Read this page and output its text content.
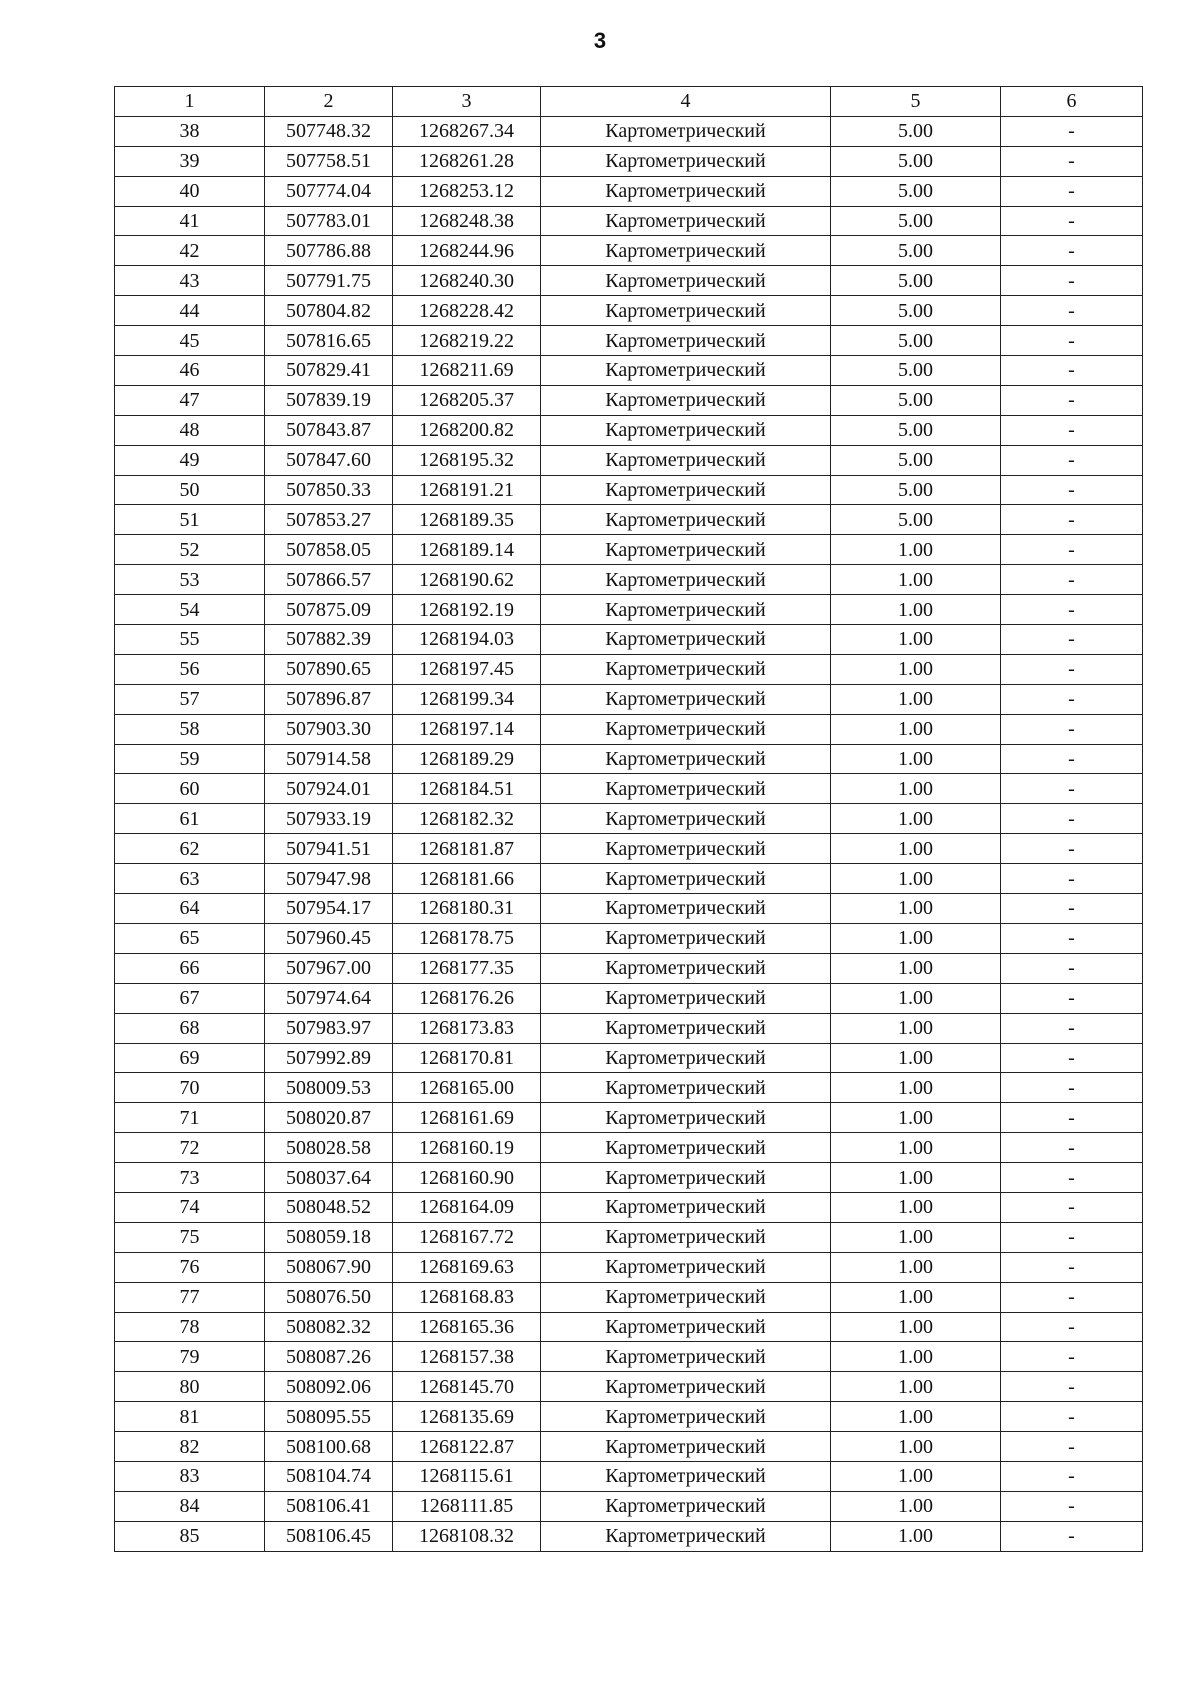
3
1	2	3	4	5	6
38	507748.32	1268267.34	Картометрический	5.00	-
39	507758.51	1268261.28	Картометрический	5.00	-
40	507774.04	1268253.12	Картометрический	5.00	-
41	507783.01	1268248.38	Картометрический	5.00	-
42	507786.88	1268244.96	Картометрический	5.00	-
43	507791.75	1268240.30	Картометрический	5.00	-
44	507804.82	1268228.42	Картометрический	5.00	-
45	507816.65	1268219.22	Картометрический	5.00	-
46	507829.41	1268211.69	Картометрический	5.00	-
47	507839.19	1268205.37	Картометрический	5.00	-
48	507843.87	1268200.82	Картометрический	5.00	-
49	507847.60	1268195.32	Картометрический	5.00	-
50	507850.33	1268191.21	Картометрический	5.00	-
51	507853.27	1268189.35	Картометрический	5.00	-
52	507858.05	1268189.14	Картометрический	1.00	-
53	507866.57	1268190.62	Картометрический	1.00	-
54	507875.09	1268192.19	Картометрический	1.00	-
55	507882.39	1268194.03	Картометрический	1.00	-
56	507890.65	1268197.45	Картометрический	1.00	-
57	507896.87	1268199.34	Картометрический	1.00	-
58	507903.30	1268197.14	Картометрический	1.00	-
59	507914.58	1268189.29	Картометрический	1.00	-
60	507924.01	1268184.51	Картометрический	1.00	-
61	507933.19	1268182.32	Картометрический	1.00	-
62	507941.51	1268181.87	Картометрический	1.00	-
63	507947.98	1268181.66	Картометрический	1.00	-
64	507954.17	1268180.31	Картометрический	1.00	-
65	507960.45	1268178.75	Картометрический	1.00	-
66	507967.00	1268177.35	Картометрический	1.00	-
67	507974.64	1268176.26	Картометрический	1.00	-
68	507983.97	1268173.83	Картометрический	1.00	-
69	507992.89	1268170.81	Картометрический	1.00	-
70	508009.53	1268165.00	Картометрический	1.00	-
71	508020.87	1268161.69	Картометрический	1.00	-
72	508028.58	1268160.19	Картометрический	1.00	-
73	508037.64	1268160.90	Картометрический	1.00	-
74	508048.52	1268164.09	Картометрический	1.00	-
75	508059.18	1268167.72	Картометрический	1.00	-
76	508067.90	1268169.63	Картометрический	1.00	-
77	508076.50	1268168.83	Картометрический	1.00	-
78	508082.32	1268165.36	Картометрический	1.00	-
79	508087.26	1268157.38	Картометрический	1.00	-
80	508092.06	1268145.70	Картометрический	1.00	-
81	508095.55	1268135.69	Картометрический	1.00	-
82	508100.68	1268122.87	Картометрический	1.00	-
83	508104.74	1268115.61	Картометрический	1.00	-
84	508106.41	1268111.85	Картометрический	1.00	-
85	508106.45	1268108.32	Картометрический	1.00	-
